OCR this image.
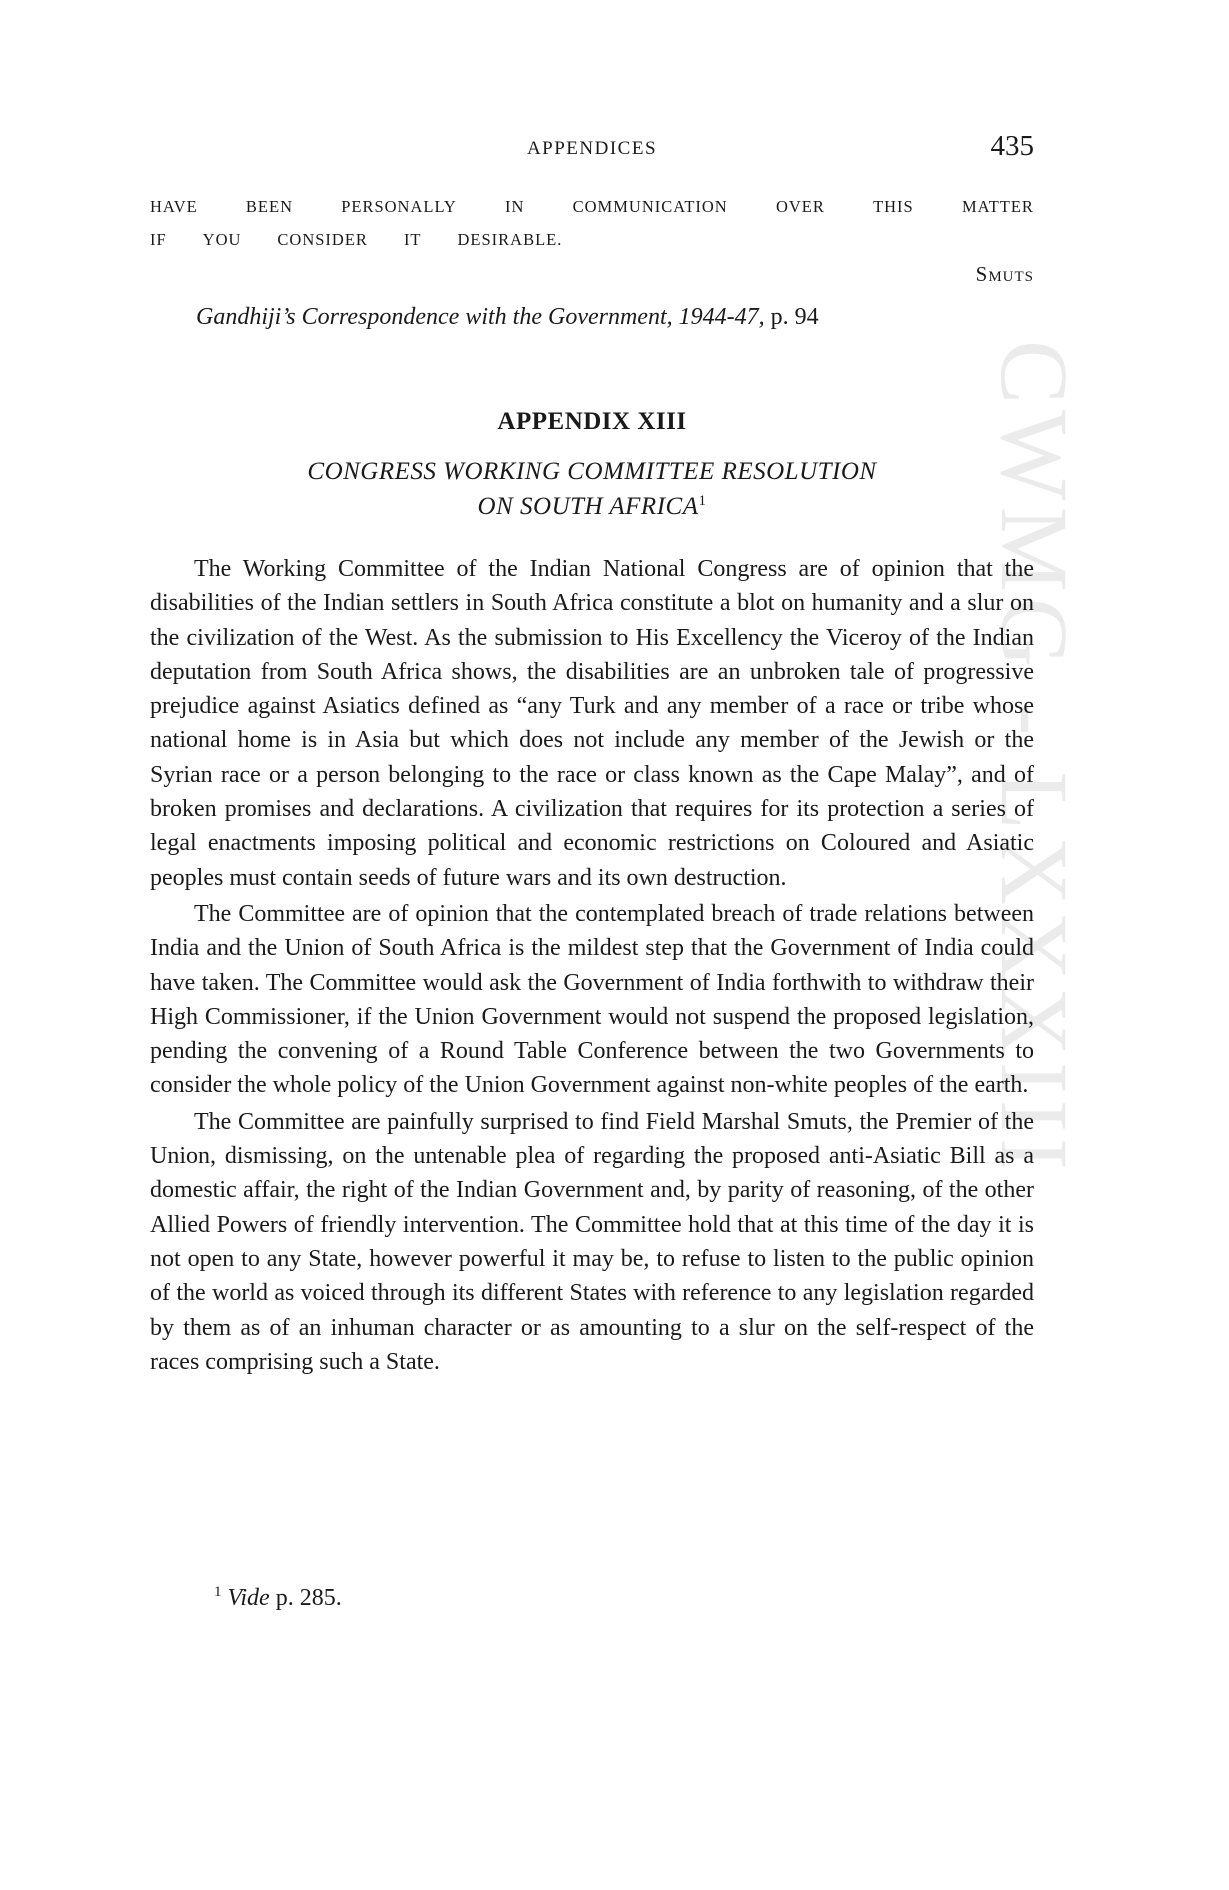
CWMG - LXXXIII
APPENDICES	435
HAVE	BEEN	PERSONALLY	IN	COMMUNICATION	OVER	THIS	MATTER
IF YOU CONSIDER IT DESIRABLE.
Smuts
Gandhiji’s Correspondence with the Government, 1944-47, p. 94
APPENDIX XIII
CONGRESS WORKING COMMITTEE RESOLUTION
ON SOUTH AFRICA$^1$

The Working Committee of the Indian National Congress are of opinion that the disabilities of the Indian settlers in South Africa constitute a blot on humanity and a slur on the civilization of the West. As the submission to His Excellency the Viceroy of the Indian deputation from South Africa shows, the disabilities are an unbroken tale of progressive prejudice against Asiatics defined as “any Turk and any member of a race or tribe whose national home is in Asia but which does not include any member of the Jewish or the Syrian race or a person belonging to the race or class known as the Cape Malay”, and of broken promises and declarations. A civilization that requires for its protection a series of legal enactments imposing political and economic restrictions on Coloured and Asiatic peoples must contain seeds of future wars and its own destruction.

The Committee are of opinion that the contemplated breach of trade relations between India and the Union of South Africa is the mildest step that the Government of India could have taken. The Committee would ask the Government of India forthwith to withdraw their High Commissioner, if the Union Government would not suspend the proposed legislation, pending the convening of a Round Table Conference between the two Governments to consider the whole policy of the Union Government against non-white peoples of the earth.

The Committee are painfully surprised to find Field Marshal Smuts, the Premier of the Union, dismissing, on the untenable plea of regarding the proposed anti-Asiatic Bill as a domestic affair, the right of the Indian Government and, by parity of reasoning, of the other Allied Powers of friendly intervention. The Committee hold that at this time of the day it is not open to any State, however powerful it may be, to refuse to listen to the public opinion of the world as voiced through its different States with reference to any legislation regarded by them as of an inhuman character or as amounting to a slur on the self-respect of the races comprising such a State.

$^1$ Vide p. 285.
